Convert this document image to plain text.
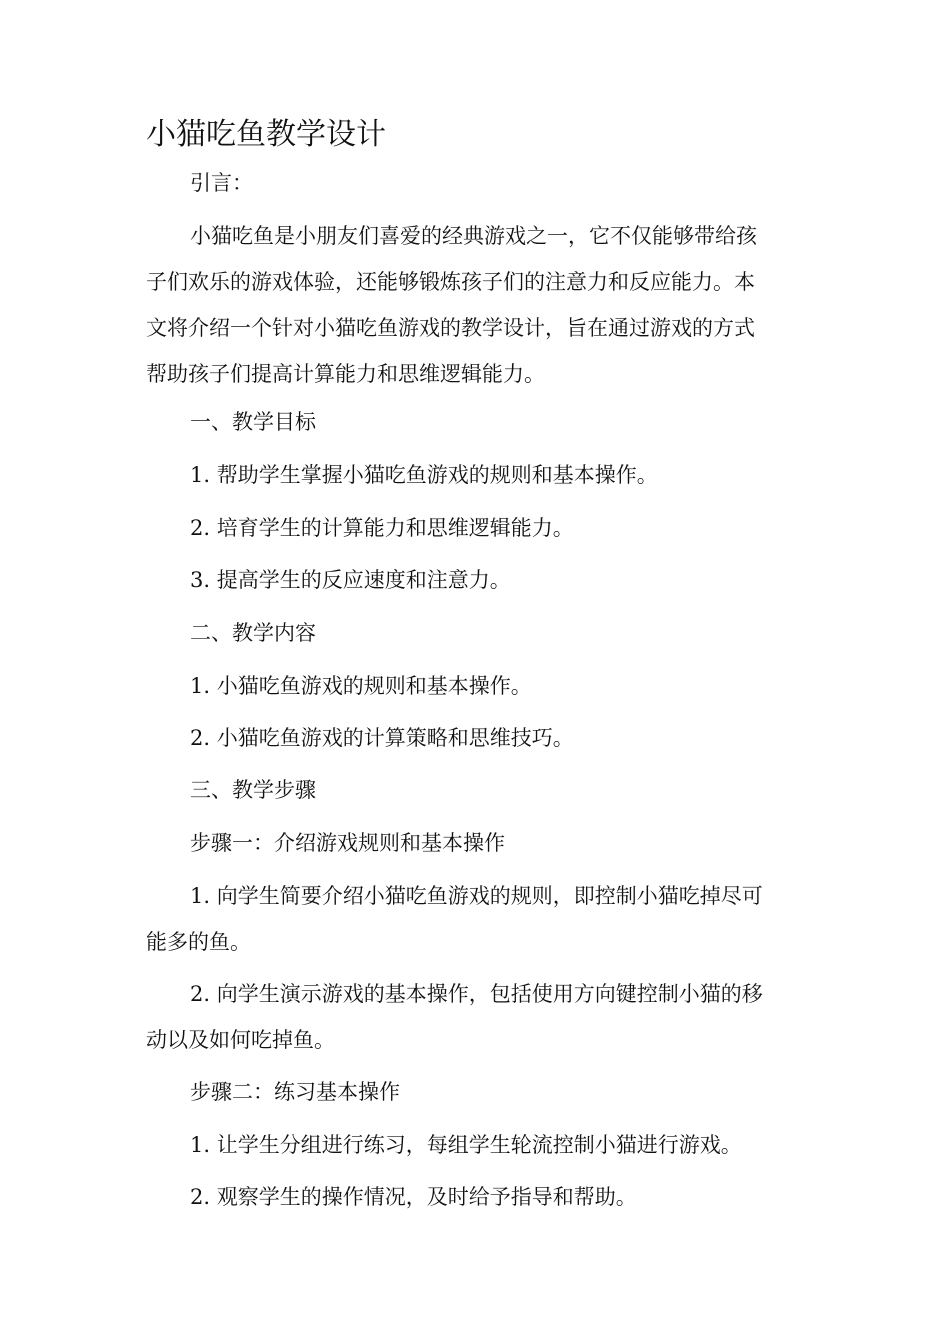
小猫吃鱼教学设计

引言：

小猫吃鱼是小朋友们喜爱的经典游戏之一，它不仅能够带给孩

子们欢乐的游戏体验，还能够锻炼孩子们的注意力和反应能力。本

文将介绍一个针对小猫吃鱼游戏的教学设计，旨在通过游戏的方式

帮助孩子们提高计算能力和思维逻辑能力。

一、教学目标

1. 帮助学生掌握小猫吃鱼游戏的规则和基本操作。

2. 培育学生的计算能力和思维逻辑能力。

3. 提高学生的反应速度和注意力。

二、教学内容

1. 小猫吃鱼游戏的规则和基本操作。

2. 小猫吃鱼游戏的计算策略和思维技巧。

三、教学步骤

步骤一：介绍游戏规则和基本操作

1. 向学生简要介绍小猫吃鱼游戏的规则，即控制小猫吃掉尽可

能多的鱼。

2. 向学生演示游戏的基本操作，包括使用方向键控制小猫的移

动以及如何吃掉鱼。

步骤二：练习基本操作

1. 让学生分组进行练习，每组学生轮流控制小猫进行游戏。

2. 观察学生的操作情况，及时给予指导和帮助。
